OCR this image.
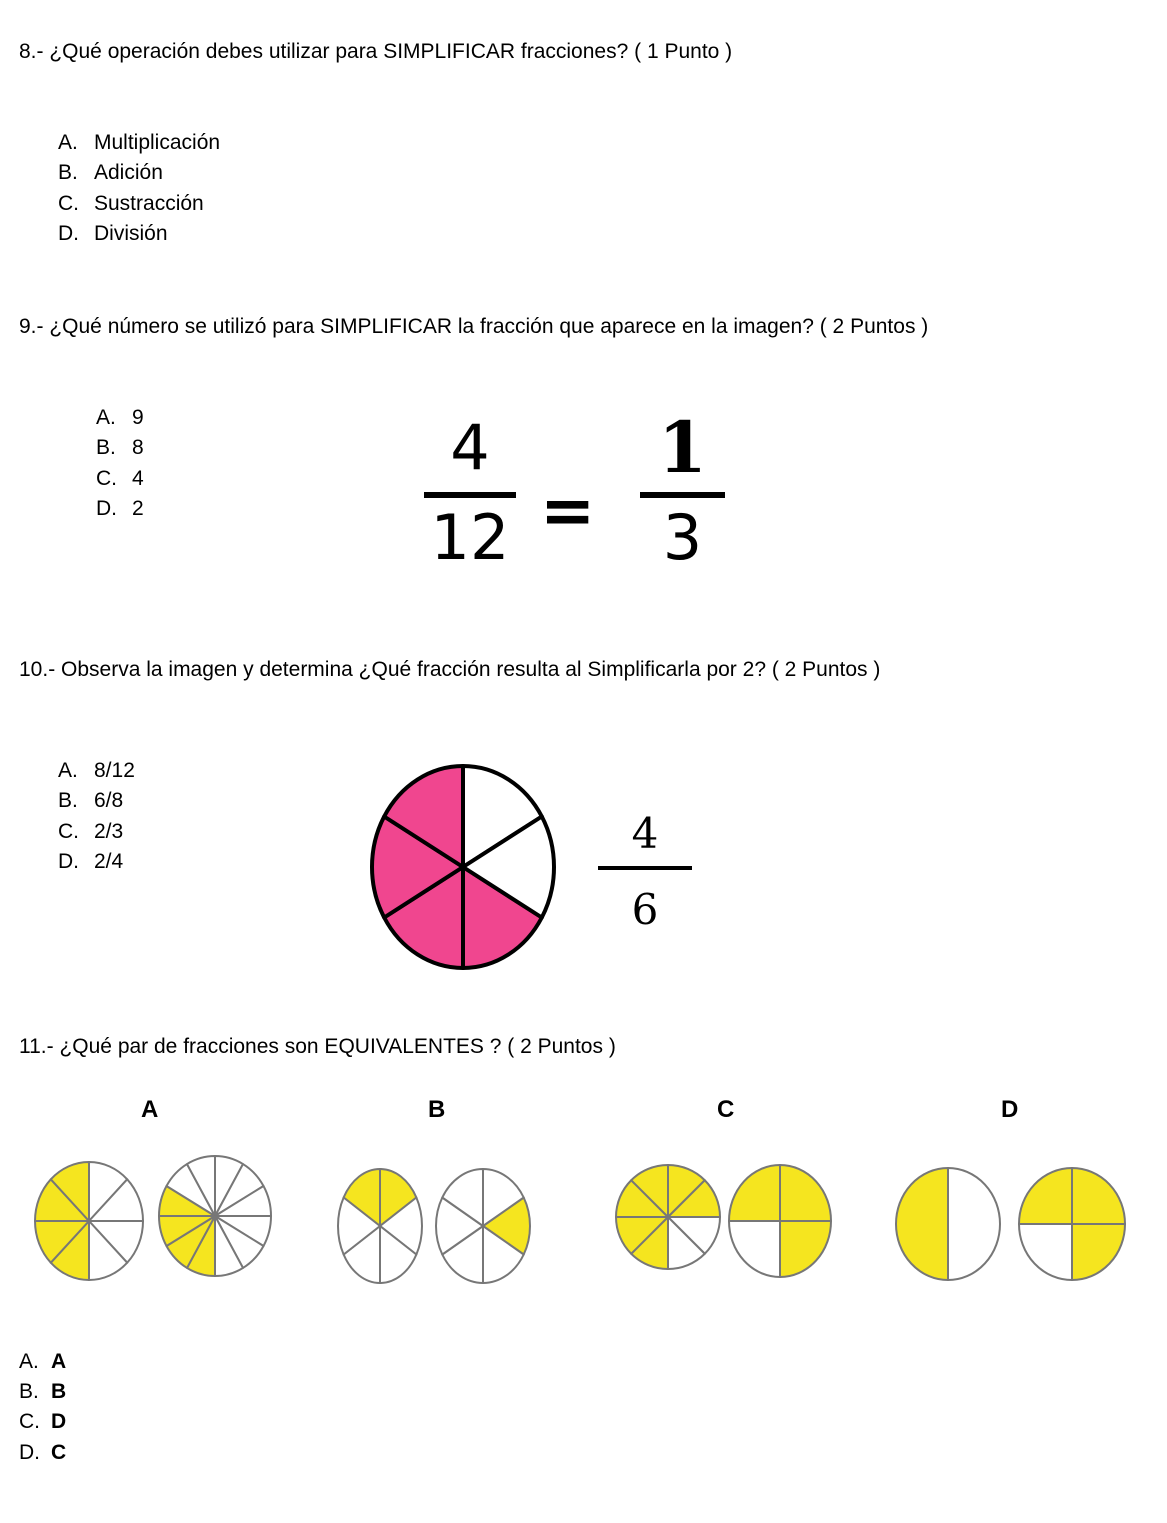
8.- ¿Qué operación debes utilizar para SIMPLIFICAR fracciones? ( 1 Punto )
A. Multiplicación
B. Adición
C. Sustracción
D. División
9.- ¿Qué número se utilizó para SIMPLIFICAR la fracción que aparece en la imagen? ( 2 Puntos )
A. 9
B. 8
C. 4
D. 2
4
12 =
1
3
10.- Observa la imagen y determina ¿Qué fracción resulta al Simplificarla por 2? ( 2 Puntos )
A. 8/12
B. 6/8
C. 2/3
D. 2/4
4
6
11.- ¿Qué par de fracciones son EQUIVALENTES ? ( 2 Puntos )
A	B	C	D
A. A
B. B
C. D
D. C
